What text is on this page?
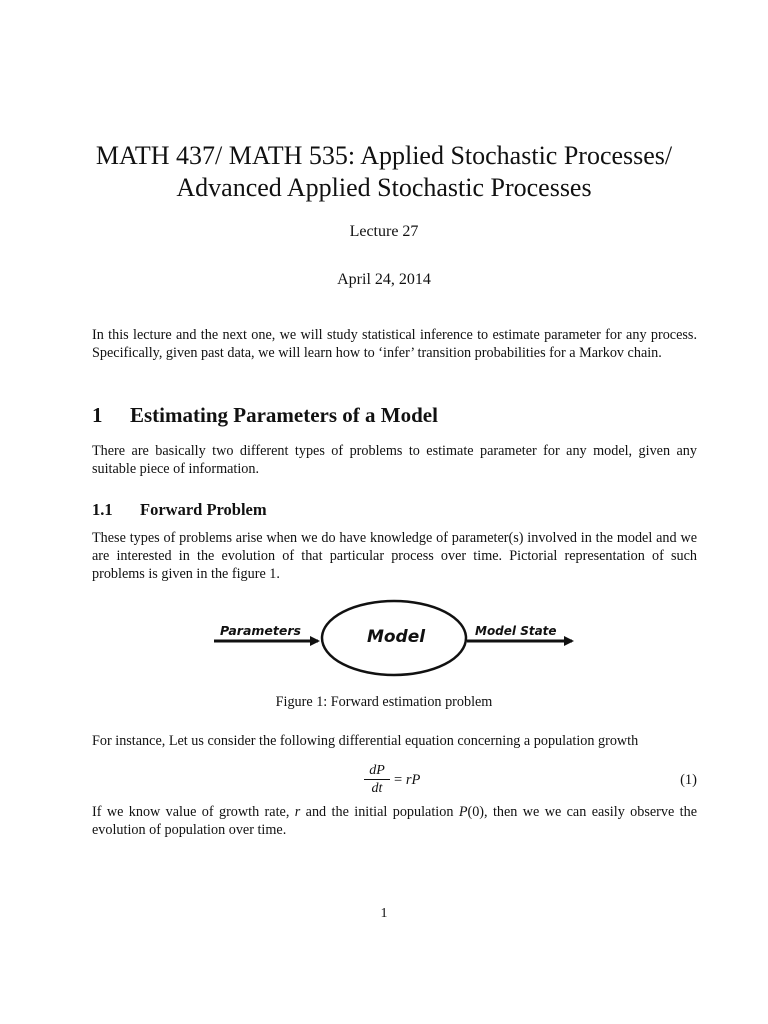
MATH 437/ MATH 535: Applied Stochastic Processes/
Advanced Applied Stochastic Processes
Lecture 27
April 24, 2014

In this lecture and the next one, we will study statistical inference to estimate parameter for any process. Specifically, given past data, we will learn how to ‘infer’ transition probabilities for a Markov chain.

1 Estimating Parameters of a Model

There are basically two different types of problems to estimate parameter for any model, given any suitable piece of information.

1.1 Forward Problem

These types of problems arise when we do have knowledge of parameter(s) involved in the model and we are interested in the evolution of that particular process over time. Pictorial representation of such problems is given in the figure 1.

Parameters	Model	Model State
Figure 1: Forward estimation problem

For instance, Let us consider the following differential equation concerning a population growth

$\frac{dP}{dt}$ = rP	(1)

If we know value of growth rate, r and the initial population P(0), then we we can easily observe the evolution of population over time.

1
